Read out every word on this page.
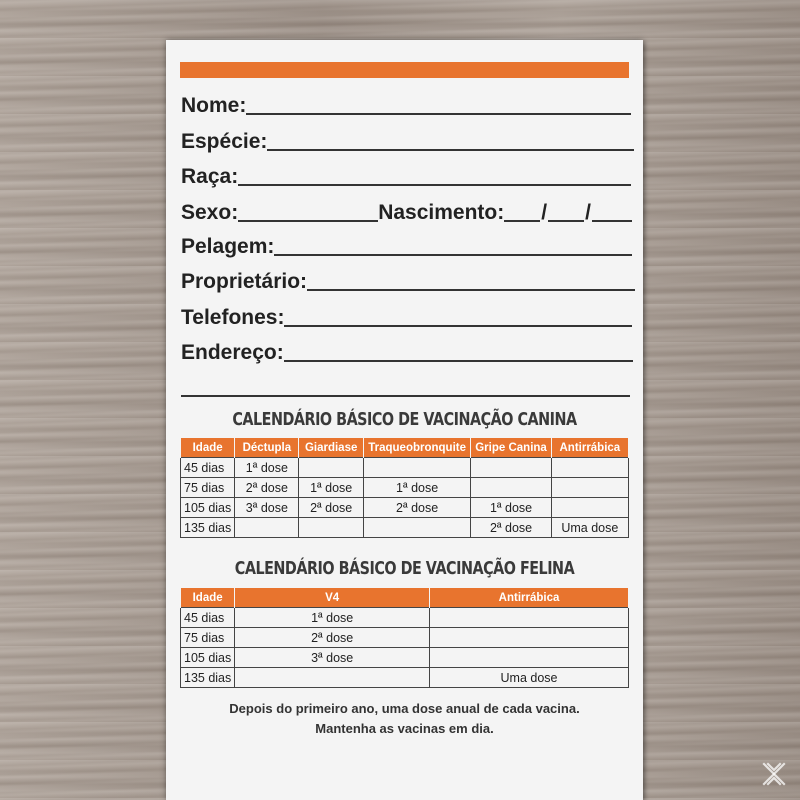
Nome:
Espécie:
Raça:
Sexo:	Nascimento: / /
Pelagem:
Proprietário:
Telefones:
Endereço:
CALENDÁRIO BÁSICO DE VACINAÇÃO CANINA
Idade	Déctupla	Giardiase	Traqueobronquite	Gripe Canina	Antirrábica
45 dias	1ª dose				
75 dias	2ª dose	1ª dose	1ª dose		
105 dias	3ª dose	2ª dose	2ª dose	1ª dose	
135 dias				2ª dose	Uma dose
CALENDÁRIO BÁSICO DE VACINAÇÃO FELINA
Idade	V4	Antirrábica
45 dias	1ª dose	
75 dias	2ª dose	
105 dias	3ª dose	
135 dias		Uma dose
Depois do primeiro ano, uma dose anual de cada vacina.
Mantenha as vacinas em dia.
